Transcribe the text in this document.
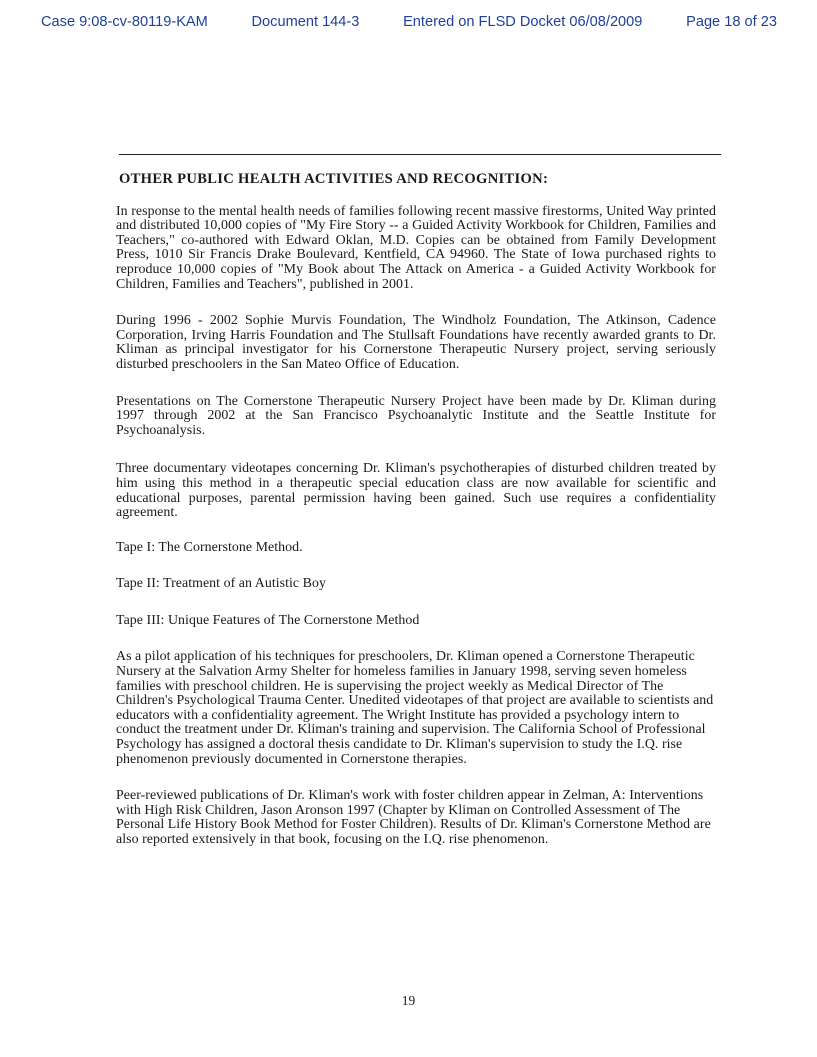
Case 9:08-cv-80119-KAM	Document 144-3	Entered on FLSD Docket 06/08/2009	Page 18 of 23
OTHER PUBLIC HEALTH ACTIVITIES AND RECOGNITION:

In response to the mental health needs of families following recent massive firestorms, United Way printed and distributed 10,000 copies of "My Fire Story -- a Guided Activity Workbook for Children, Families and Teachers," co-authored with Edward Oklan, M.D. Copies can be obtained from Family Development Press, 1010 Sir Francis Drake Boulevard, Kentfield, CA 94960. The State of Iowa purchased rights to reproduce 10,000 copies of "My Book about The Attack on America - a Guided Activity Workbook for Children, Families and Teachers", published in 2001.

During 1996 - 2002 Sophie Murvis Foundation, The Windholz Foundation, The Atkinson, Cadence Corporation, Irving Harris Foundation and The Stullsaft Foundations have recently awarded grants to Dr. Kliman as principal investigator for his Cornerstone Therapeutic Nursery project, serving seriously disturbed preschoolers in the San Mateo Office of Education.

Presentations on The Cornerstone Therapeutic Nursery Project have been made by Dr. Kliman during 1997 through 2002 at the San Francisco Psychoanalytic Institute and the Seattle Institute for Psychoanalysis.

Three documentary videotapes concerning Dr. Kliman's psychotherapies of disturbed children treated by him using this method in a therapeutic special education class are now available for scientific and educational purposes, parental permission having been gained. Such use requires a confidentiality agreement.

Tape I: The Cornerstone Method.

Tape II: Treatment of an Autistic Boy

Tape III: Unique Features of The Cornerstone Method

As a pilot application of his techniques for preschoolers, Dr. Kliman opened a Cornerstone Therapeutic Nursery at the Salvation Army Shelter for homeless families in January 1998, serving seven homeless families with preschool children. He is supervising the project weekly as Medical Director of The Children's Psychological Trauma Center. Unedited videotapes of that project are available to scientists and educators with a confidentiality agreement. The Wright Institute has provided a psychology intern to conduct the treatment under Dr. Kliman's training and supervision. The California School of Professional Psychology has assigned a doctoral thesis candidate to Dr. Kliman's supervision to study the I.Q. rise phenomenon previously documented in Cornerstone therapies.

Peer-reviewed publications of Dr. Kliman's work with foster children appear in Zelman, A: Interventions with High Risk Children, Jason Aronson 1997 (Chapter by Kliman on Controlled Assessment of The Personal Life History Book Method for Foster Children). Results of Dr. Kliman's Cornerstone Method are also reported extensively in that book, focusing on the I.Q. rise phenomenon.

19
